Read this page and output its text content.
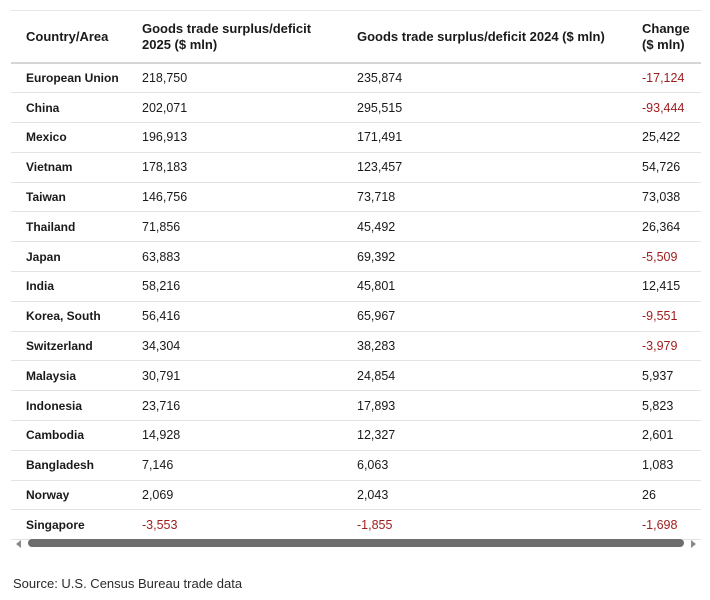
Country/Area	Goods trade surplus/deficit 2025 ($ mln)	Goods trade surplus/deficit 2024 ($ mln)	Change ($ mln)
European Union	218,750	235,874	-17,124
China	202,071	295,515	-93,444
Mexico	196,913	171,491	25,422
Vietnam	178,183	123,457	54,726
Taiwan	146,756	73,718	73,038
Thailand	71,856	45,492	26,364
Japan	63,883	69,392	-5,509
India	58,216	45,801	12,415
Korea, South	56,416	65,967	-9,551
Switzerland	34,304	38,283	-3,979
Malaysia	30,791	24,854	5,937
Indonesia	23,716	17,893	5,823
Cambodia	14,928	12,327	2,601
Bangladesh	7,146	6,063	1,083
Norway	2,069	2,043	26
Singapore	-3,553	-1,855	-1,698
Source: U.S. Census Bureau trade data
